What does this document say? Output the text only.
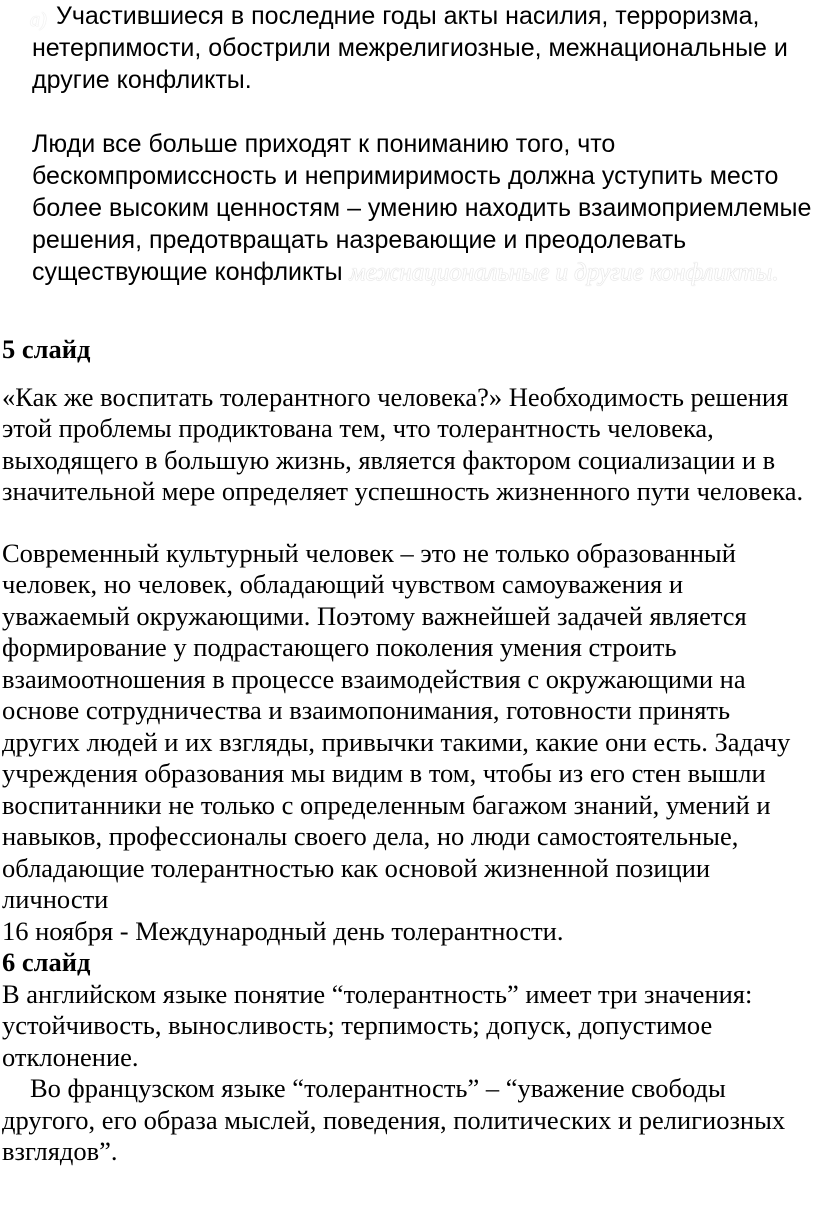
а) Участившиеся в последние годы акты насилия, терроризма, нетерпимости, обострили межрелигиозные, межнациональные и другие конфликты.

Люди все больше приходят к пониманию того, что бескомпромиссность и непримиримость должна уступить место более высоким ценностям – умению находить взаимоприемлемые решения, предотвращать назревающие и преодолевать существующие конфликты межнациональные и другие конфликты.

5 слайд

«Как же воспитать толерантного человека?» Необходимость решения этой проблемы продиктована тем, что толерантность человека, выходящего в большую жизнь, является фактором социализации и в значительной мере определяет успешность жизненного пути человека.

Современный культурный человек – это не только образованный человек, но человек, обладающий чувством самоуважения и уважаемый окружающими. Поэтому важнейшей задачей является формирование у подрастающего поколения умения строить взаимоотношения в процессе взаимодействия с окружающими на основе сотрудничества и взаимопонимания, готовности принять других людей и их взгляды, привычки такими, какие они есть. Задачу учреждения образования мы видим в том, чтобы из его стен вышли воспитанники не только с определенным багажом знаний, умений и навыков, профессионалы своего дела, но люди самостоятельные, обладающие толерантностью как основой жизненной позиции личности

16 ноября - Международный день толерантности.

6 слайд

В английском языке понятие “толерантность” имеет три значения: устойчивость, выносливость; терпимость; допуск, допустимое отклонение.

Во французском языке “толерантность” – “уважение свободы другого, его образа мыслей, поведения, политических и религиозных взглядов”.
